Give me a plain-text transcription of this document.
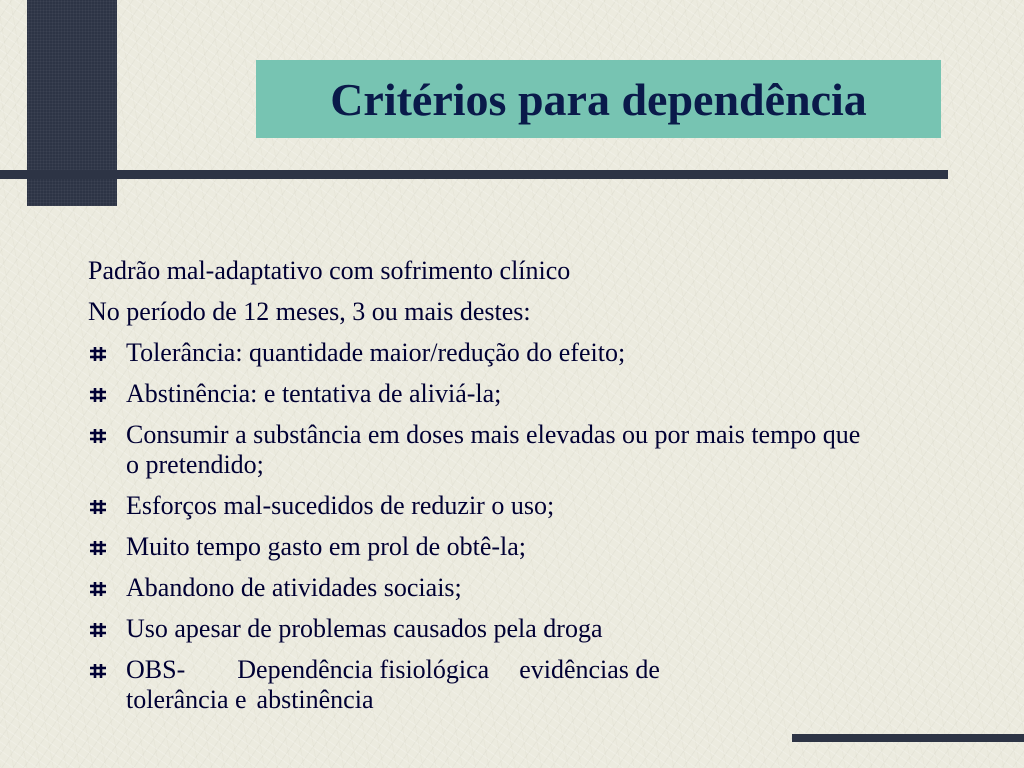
Critérios para dependência
Padrão mal-adaptativo com sofrimento clínico
No período de 12 meses, 3 ou mais destes:
Tolerância: quantidade maior/redução do efeito;
Abstinência: e tentativa de aliviá-la;
Consumir a substância em doses mais elevadas ou por mais tempo que o pretendido;
Esforços mal-sucedidos de reduzir o uso;
Muito tempo gasto em prol de obtê-la;
Abandono de atividades sociais;
Uso apesar de problemas causados pela droga
OBS- Dependência fisiológica evidências de
tolerância e abstinência
